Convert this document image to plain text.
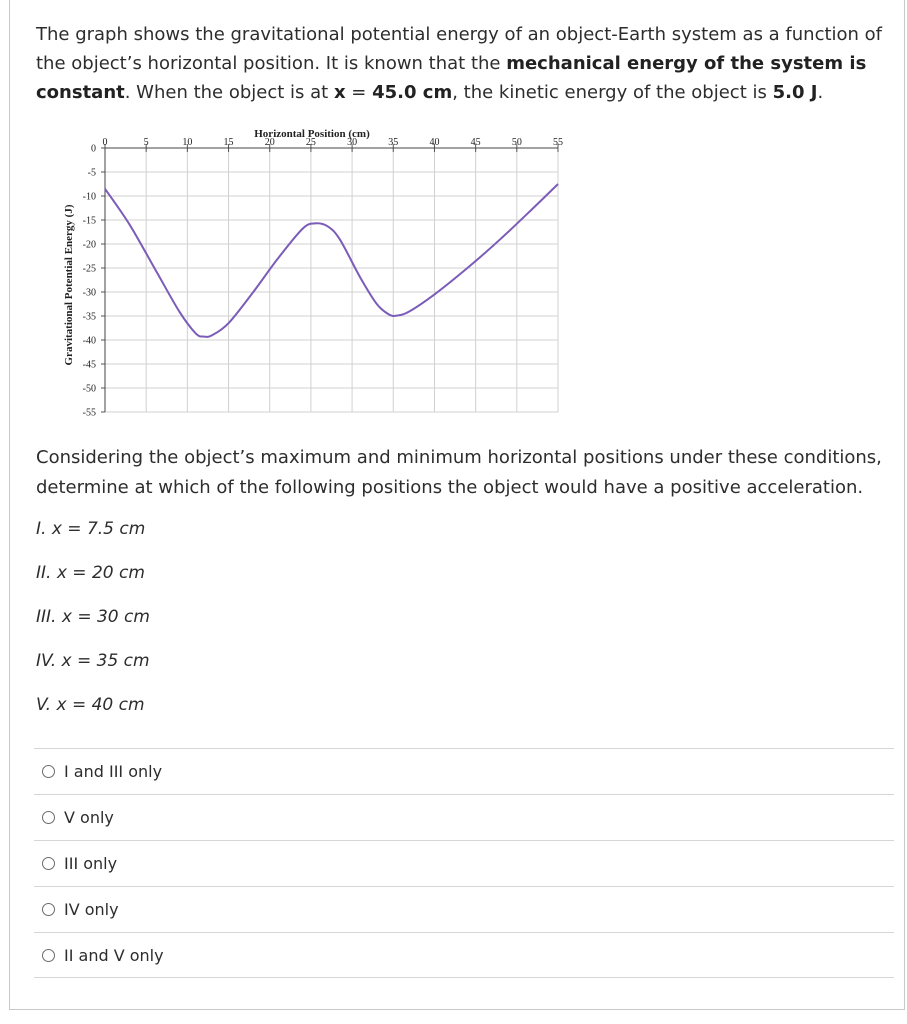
The graph shows the gravitational potential energy of an object-Earth system as a function of the object’s horizontal position. It is known that the mechanical energy of the system is constant. When the object is at x = 45.0 cm, the kinetic energy of the object is 5.0 J.
0	5	10	15	20	25	30	35	40	45	50	55
0
-5
-10
-15
-20
-25
-30
-35
-40
-45
-50
-55
Horizontal Position (cm)
Gravitational Potential Energy (J)
Considering the object’s maximum and minimum horizontal positions under these conditions, determine at which of the following positions the object would have a positive acceleration.
I. x = 7.5 cm
II. x = 20 cm
III. x = 30 cm
IV. x = 35 cm
V. x = 40 cm
I and III only
V only
III only
IV only
II and V only
